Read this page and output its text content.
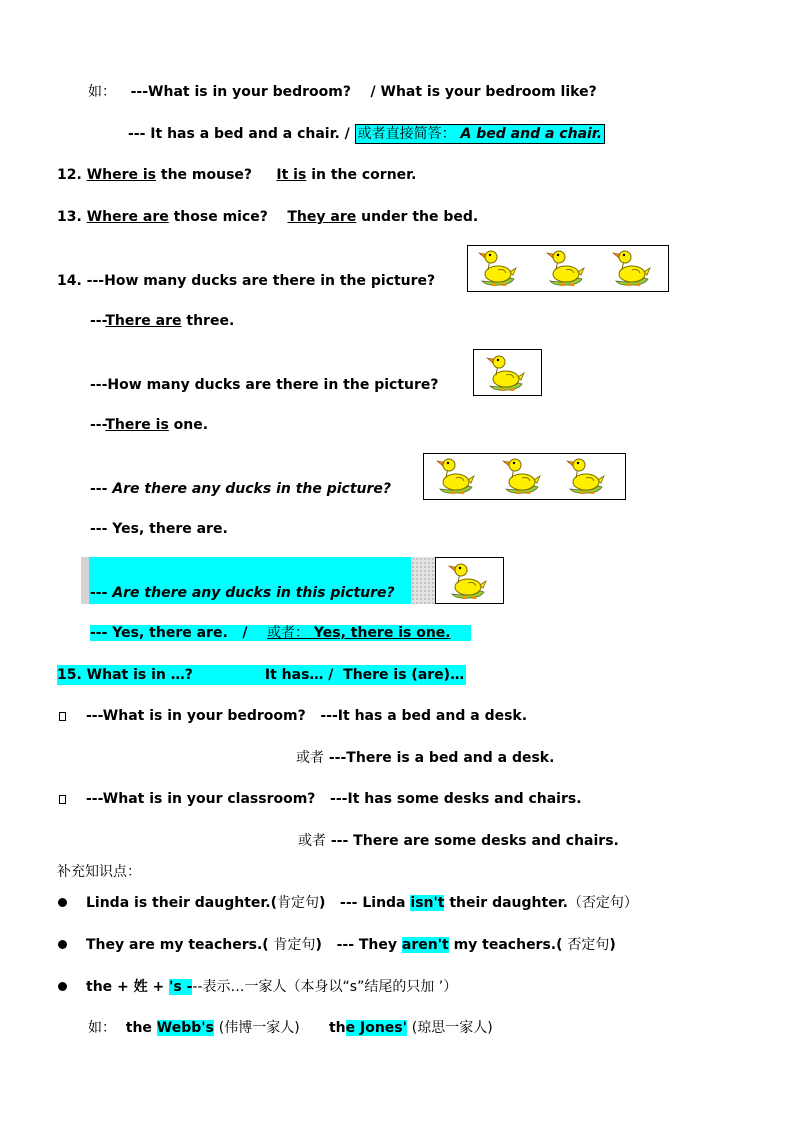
如： ---What is in your bedroom? / What is your bedroom like?
--- It has a bed and a chair. / 或者直接简答： A bed and a chair.
12. Where is the mouse? It is in the corner.
13. Where are those mice? They are under the bed.
14. ---How many ducks are there in the picture?
---There are three.
---How many ducks are there in the picture?
---There is one.
--- Are there any ducks in the picture?
--- Yes, there are.
--- Are there any ducks in this picture?
--- Yes, there are. / 或者： Yes, there is one.
15. What is in …?	It has… / There is (are)…
---What is in your bedroom? ---It has a bed and a desk.
或者 ---There is a bed and a desk.
---What is in your classroom? ---It has some desks and chairs.
或者 --- There are some desks and chairs.
补充知识点：
Linda is their daughter.(肯定句) --- Linda isn't their daughter.（否定句）
They are my teachers.( 肯定句) --- They aren't my teachers.( 否定句)
the + 姓 + 's ---表示…一家人（本身以“s”结尾的只加 ’）
如： the Webb's (伟博一家人) the Jones' (琼思一家人)
